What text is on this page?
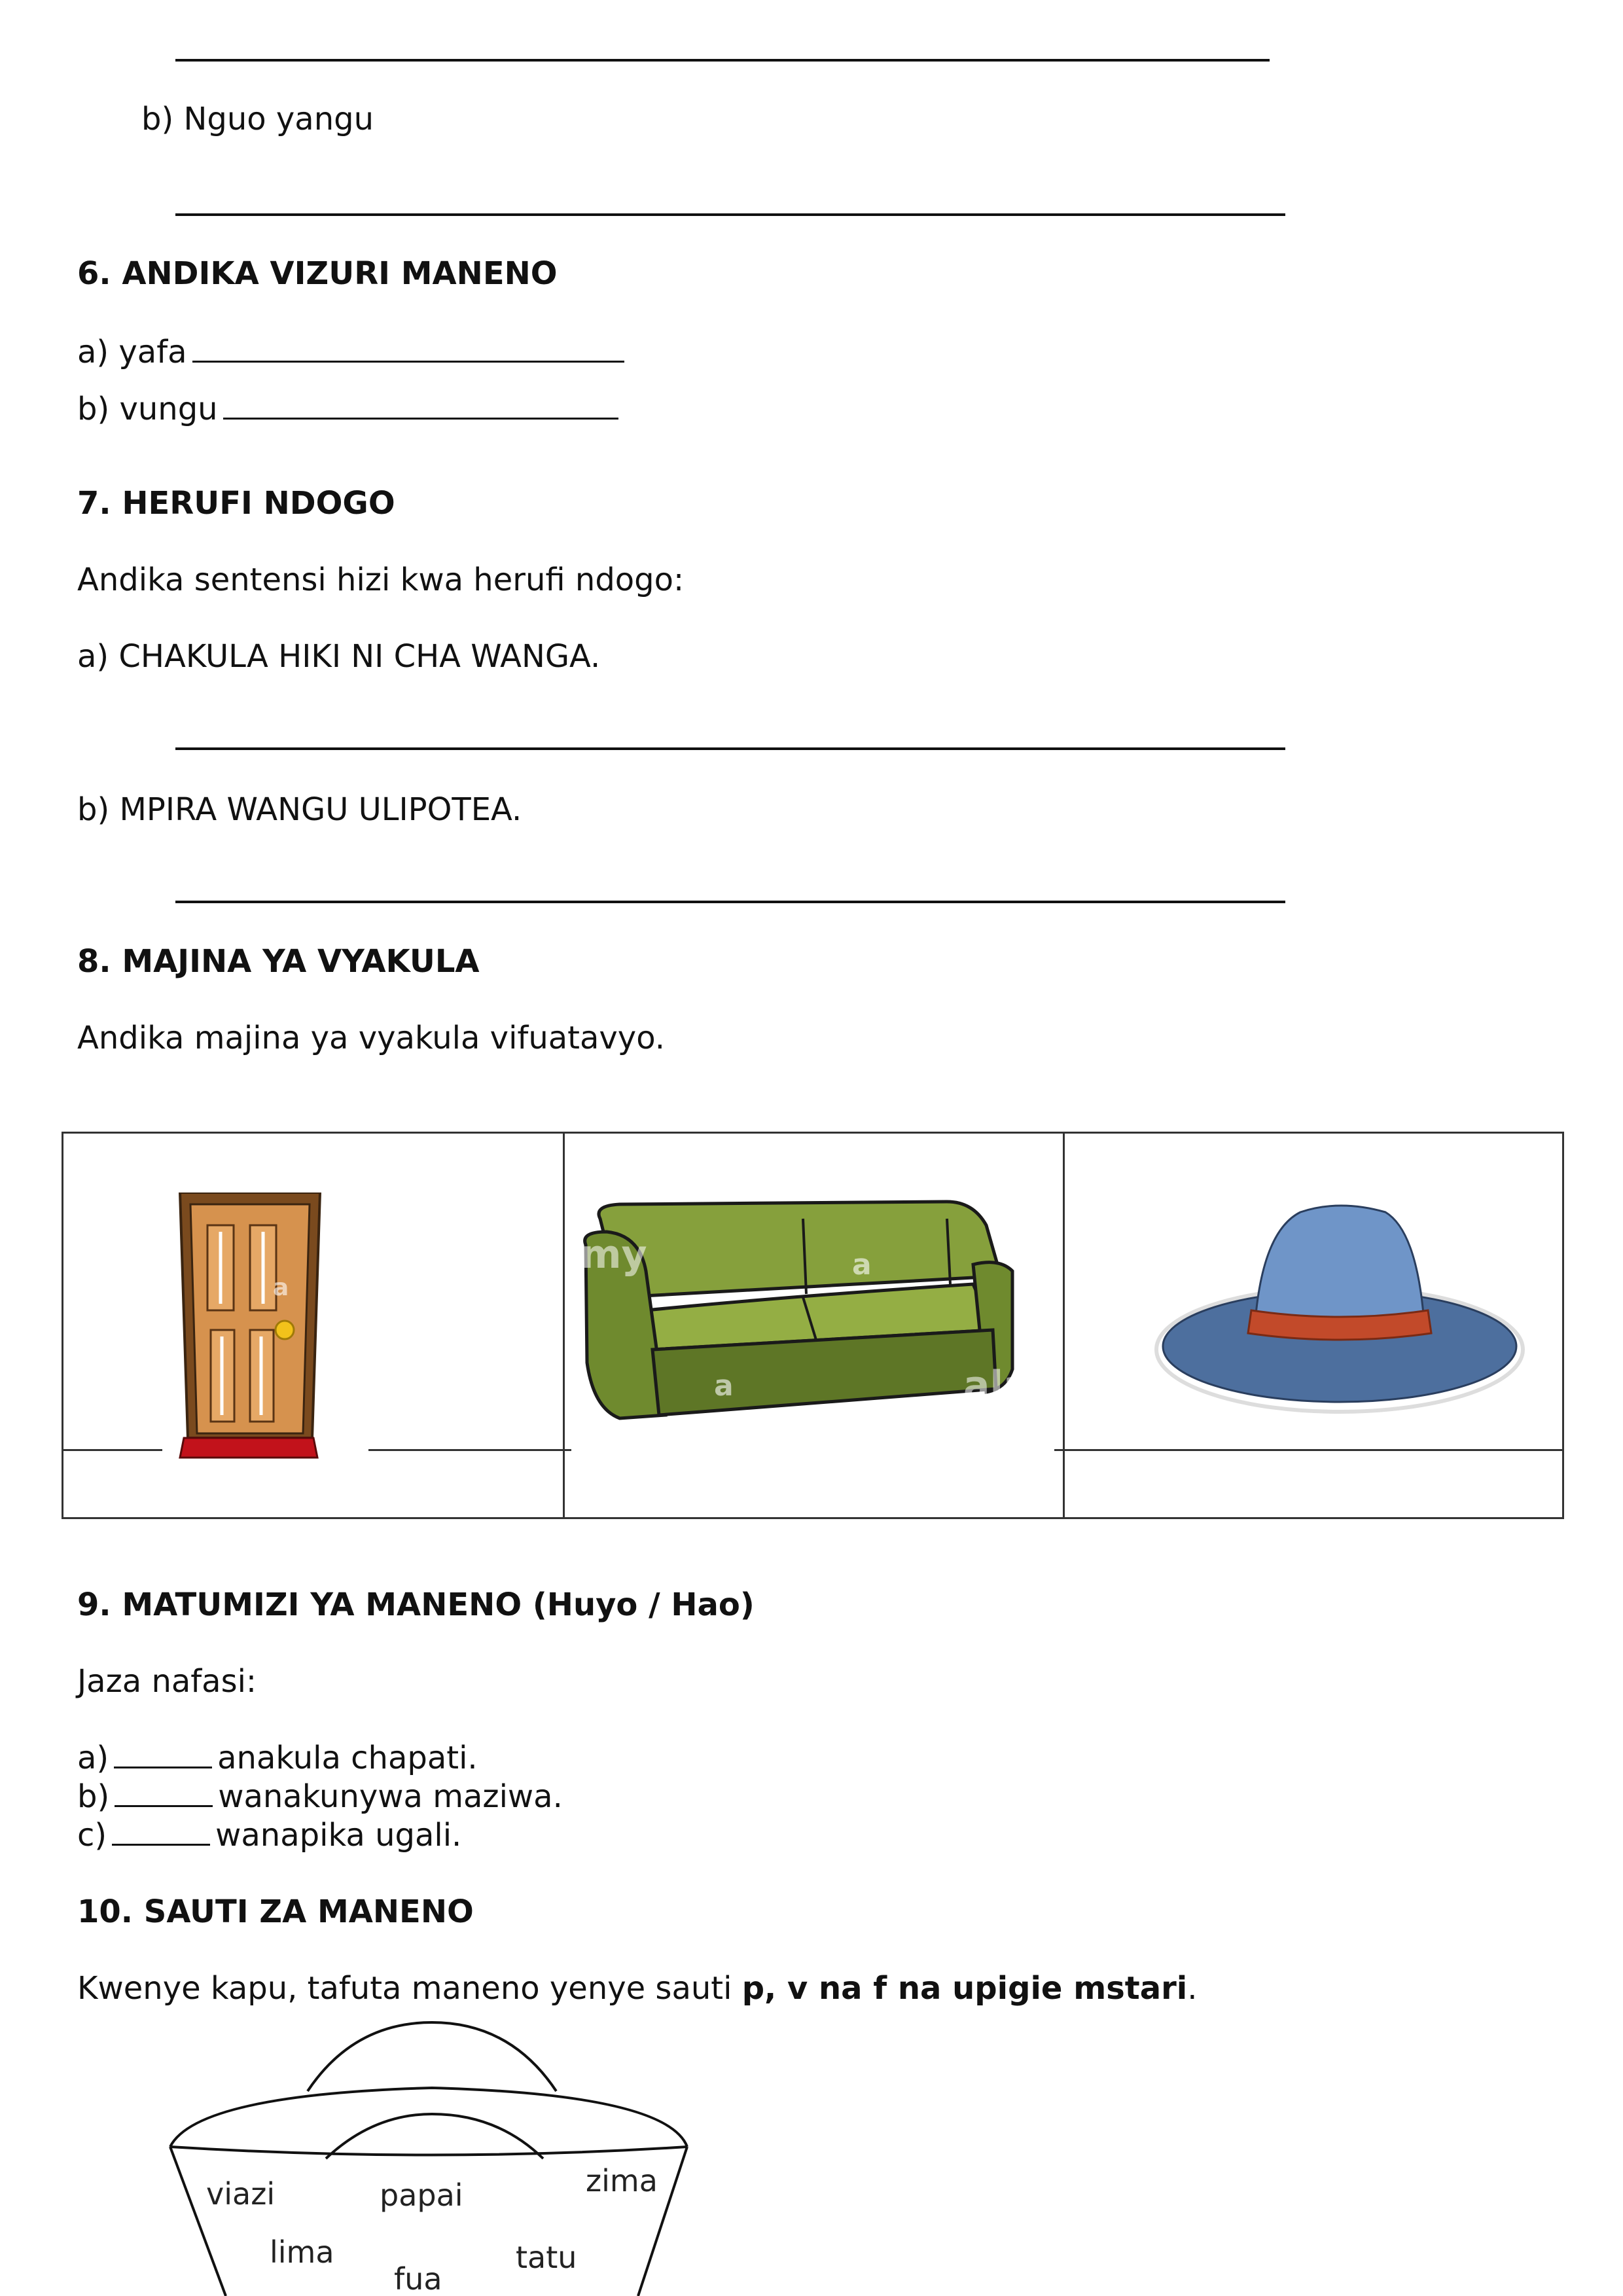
b) Nguo yangu
6. ANDIKA VIZURI MANENO
a) yafa
b) vungu
7. HERUFI NDOGO
Andika sentensi hizi kwa herufi ndogo:
a) CHAKULA HIKI NI CHA WANGA.
b) MPIRA WANGU ULIPOTEA.
8. MAJINA YA VYAKULA
Andika majina ya vyakula vifuatavyo.
my	a
a
a	ala
9. MATUMIZI YA MANENO (Huyo / Hao)
Jaza nafasi:
a)	anakula chapati.
b)	wanakunywa maziwa.
c)	wanapika ugali.
10. SAUTI ZA MANENO
Kwenye kapu, tafuta maneno yenye sauti p, v na f na upigie mstari.
viazi	papai	zima
lima
fua
tatu
